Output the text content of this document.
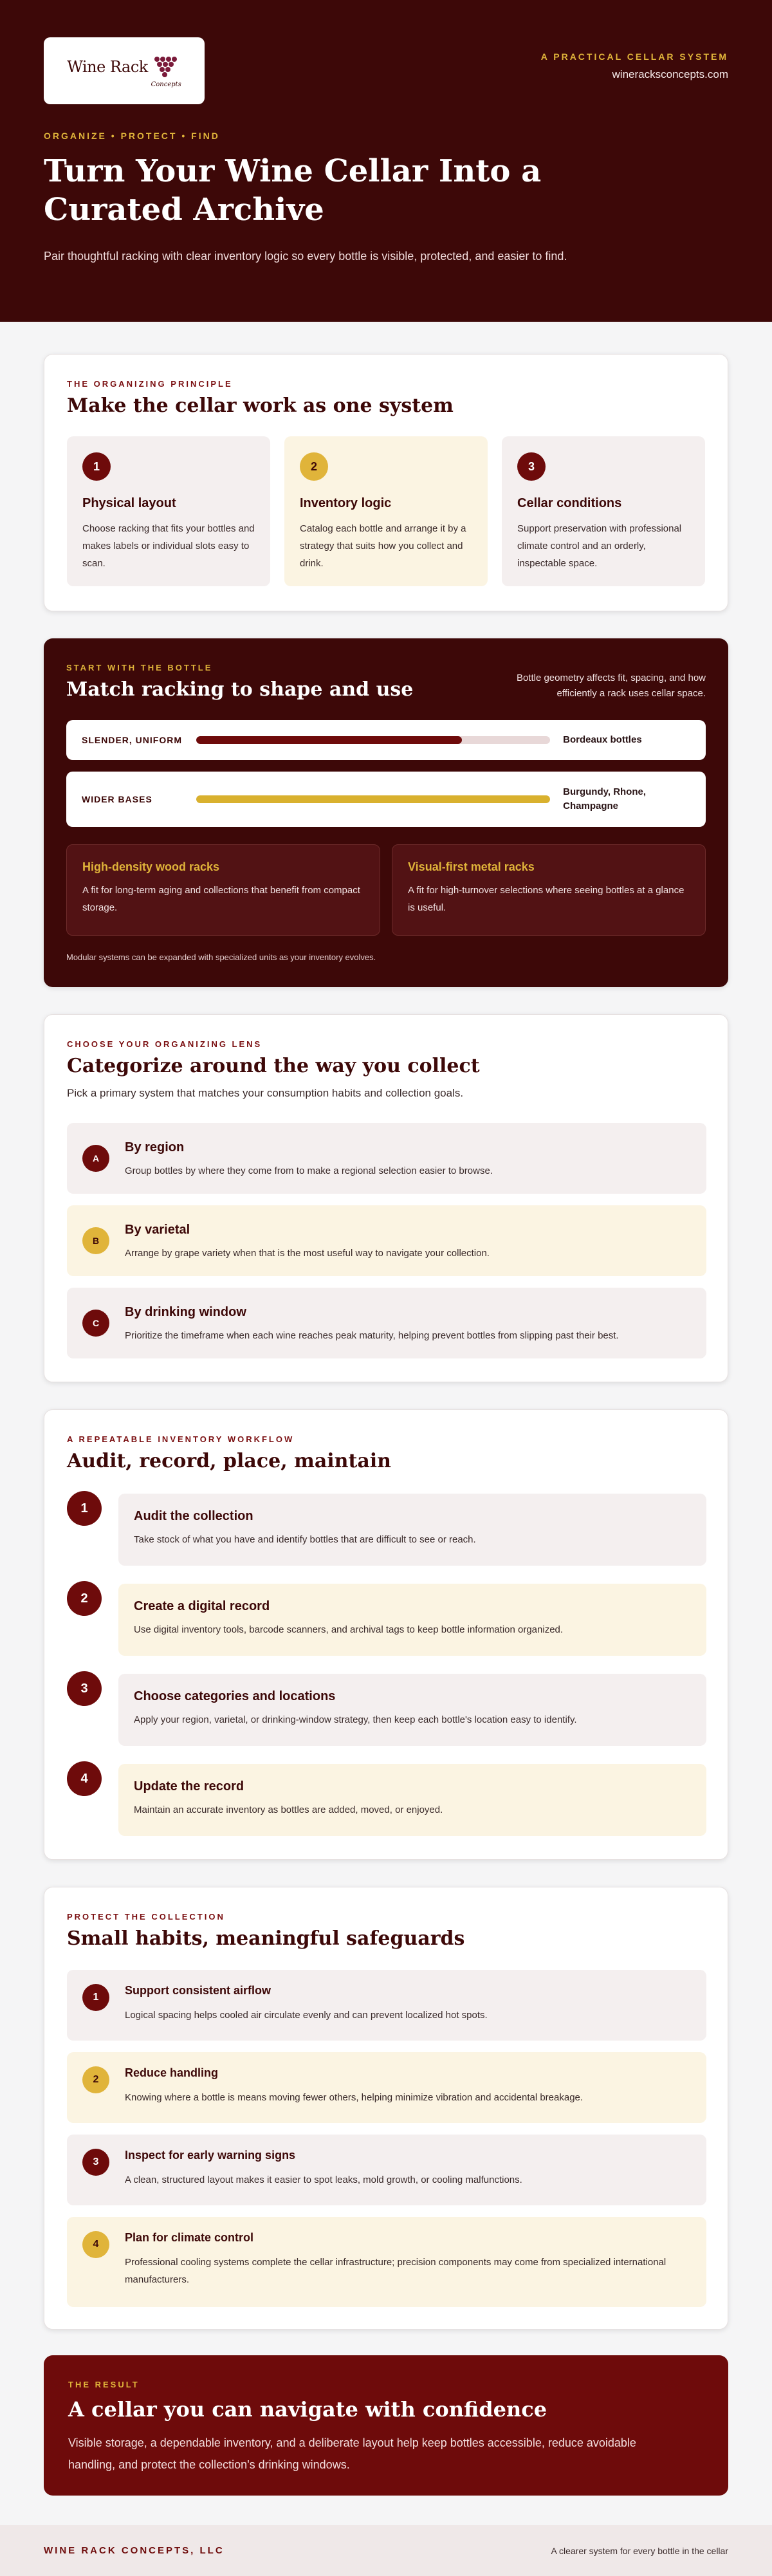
Wine Rack
Concepts
A PRACTICAL CELLAR SYSTEM
wineracksconcepts.com
ORGANIZE • PROTECT • FIND
Turn Your Wine Cellar Into a Curated Archive

Pair thoughtful racking with clear inventory logic so every bottle is visible, protected, and easier to find.

THE ORGANIZING PRINCIPLE
Make the cellar work as one system
1
Physical layout

Choose racking that fits your bottles and makes labels or individual slots easy to scan.

2
Inventory logic

Catalog each bottle and arrange it by a strategy that suits how you collect and drink.

3
Cellar conditions

Support preservation with professional climate control and an orderly, inspectable space.

START WITH THE BOTTLE
Match racking to shape and use

Bottle geometry affects fit, spacing, and how efficiently a rack uses cellar space.

SLENDER, UNIFORM	Bordeaux bottles
WIDER BASES
Burgundy, Rhone, Champagne
High-density wood racks

A fit for long-term aging and collections that benefit from compact storage.

Visual-first metal racks

A fit for high-turnover selections where seeing bottles at a glance is useful.

Modular systems can be expanded with specialized units as your inventory evolves.

CHOOSE YOUR ORGANIZING LENS
Categorize around the way you collect

Pick a primary system that matches your consumption habits and collection goals.

A
By region

Group bottles by where they come from to make a regional selection easier to browse.

B
By varietal

Arrange by grape variety when that is the most useful way to navigate your collection.

C
By drinking window

Prioritize the timeframe when each wine reaches peak maturity, helping prevent bottles from slipping past their best.

A REPEATABLE INVENTORY WORKFLOW
Audit, record, place, maintain
1
Audit the collection

Take stock of what you have and identify bottles that are difficult to see or reach.

2
Create a digital record

Use digital inventory tools, barcode scanners, and archival tags to keep bottle information organized.

3
Choose categories and locations

Apply your region, varietal, or drinking-window strategy, then keep each bottle's location easy to identify.

4
Update the record

Maintain an accurate inventory as bottles are added, moved, or enjoyed.

PROTECT THE COLLECTION
Small habits, meaningful safeguards
1
Support consistent airflow

Logical spacing helps cooled air circulate evenly and can prevent localized hot spots.

2
Reduce handling

Knowing where a bottle is means moving fewer others, helping minimize vibration and accidental breakage.

3
Inspect for early warning signs

A clean, structured layout makes it easier to spot leaks, mold growth, or cooling malfunctions.

4
Plan for climate control

Professional cooling systems complete the cellar infrastructure; precision components may come from specialized international manufacturers.

THE RESULT
A cellar you can navigate with confidence

Visible storage, a dependable inventory, and a deliberate layout help keep bottles accessible, reduce avoidable handling, and protect the collection's drinking windows.

WINE RACK CONCEPTS, LLC	A clearer system for every bottle in the cellar
